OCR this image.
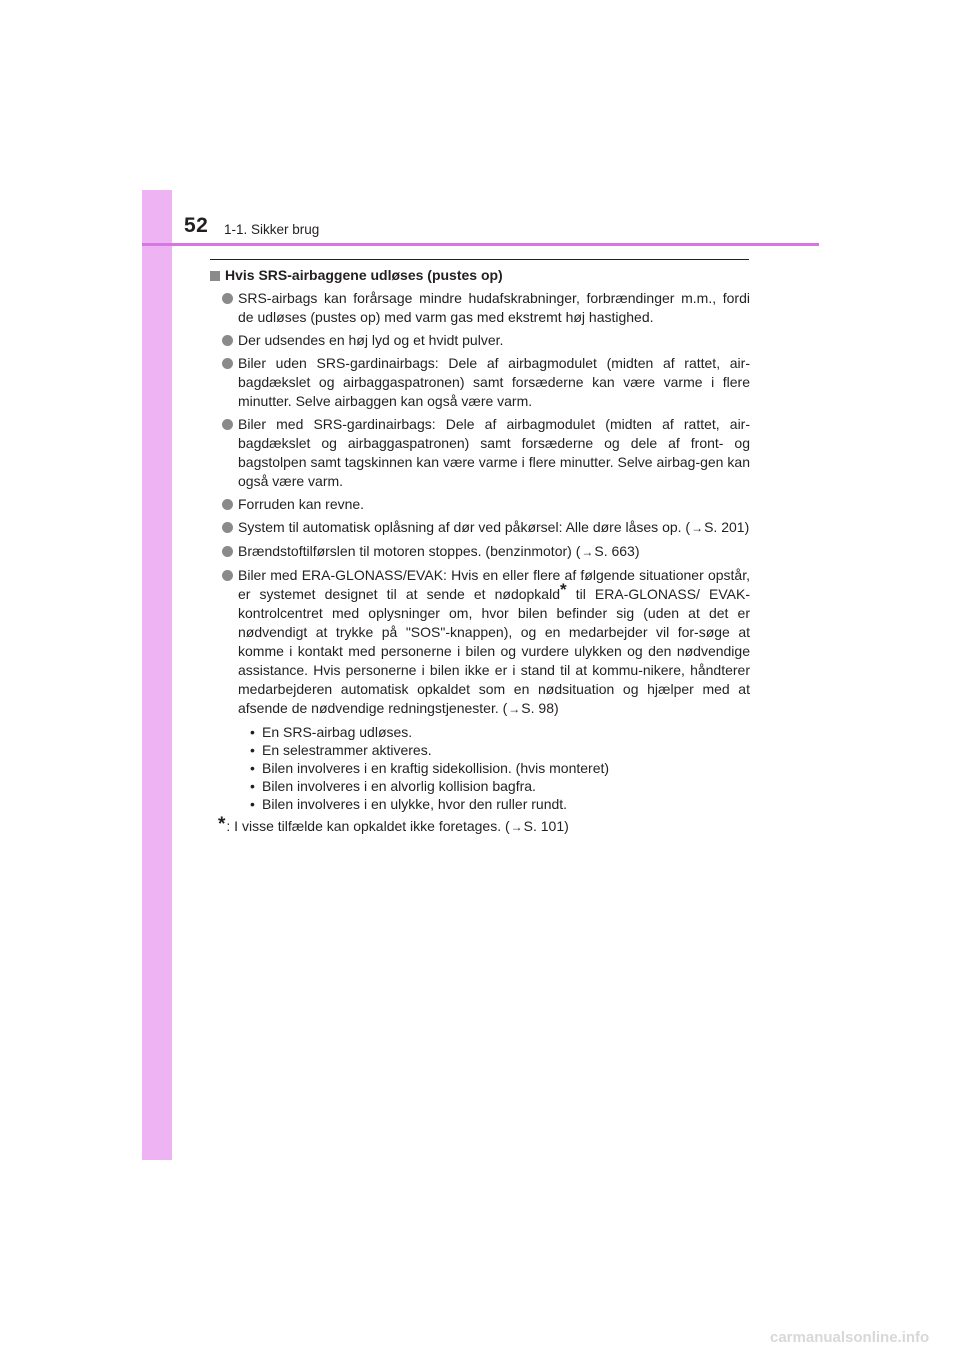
52 1-1. Sikker brug
Hvis SRS-airbaggene udløses (pustes op)
SRS-airbags kan forårsage mindre hudafskrabninger, forbrændinger m.m., fordi de udløses (pustes op) med varm gas med ekstremt høj hastighed.
Der udsendes en høj lyd og et hvidt pulver.
Biler uden SRS-gardinairbags: Dele af airbagmodulet (midten af rattet, air-bagdækslet og airbaggaspatronen) samt forsæderne kan være varme i flere minutter. Selve airbaggen kan også være varm.
Biler med SRS-gardinairbags: Dele af airbagmodulet (midten af rattet, air-bagdækslet og airbaggaspatronen) samt forsæderne og dele af front- og bagstolpen samt tagskinnen kan være varme i flere minutter. Selve airbag-gen kan også være varm.
Forruden kan revne.
System til automatisk oplåsning af dør ved påkørsel: Alle døre låses op. (→S. 201)
Brændstoftilførslen til motoren stoppes. (benzinmotor) (→S. 663)
Biler med ERA-GLONASS/EVAK: Hvis en eller flere af følgende situationer opstår, er systemet designet til at sende et nødopkald* til ERA-GLONASS/ EVAK-kontrolcentret med oplysninger om, hvor bilen befinder sig (uden at det er nødvendigt at trykke på "SOS"-knappen), og en medarbejder vil for-søge at komme i kontakt med personerne i bilen og vurdere ulykken og den nødvendige assistance. Hvis personerne i bilen ikke er i stand til at kommu-nikere, håndterer medarbejderen automatisk opkaldet som en nødsituation og hjælper med at afsende de nødvendige redningstjenester. (→S. 98)
• En SRS-airbag udløses.
• En selestrammer aktiveres.
• Bilen involveres i en kraftig sidekollision. (hvis monteret)
• Bilen involveres i en alvorlig kollision bagfra.
• Bilen involveres i en ulykke, hvor den ruller rundt.
* : I visse tilfælde kan opkaldet ikke foretages. (→S. 101)
carmanualsonline.info
